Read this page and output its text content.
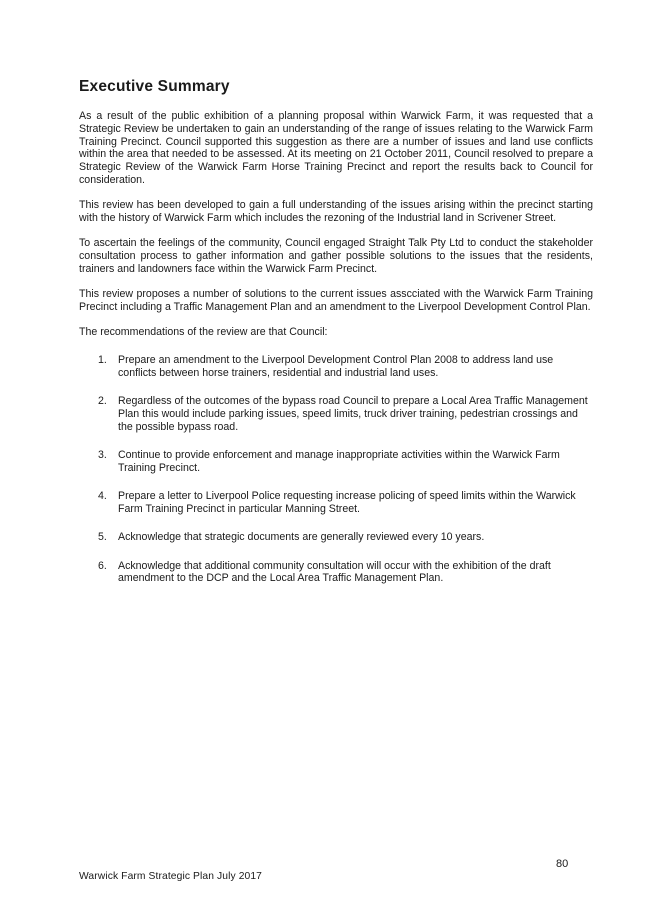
Executive Summary

As a result of the public exhibition of a planning proposal within Warwick Farm, it was requested that a Strategic Review be undertaken to gain an understanding of the range of issues relating to the Warwick Farm Training Precinct. Council supported this suggestion as there are a number of issues and land use conflicts within the area that needed to be assessed. At its meeting on 21 October 2011, Council resolved to prepare a Strategic Review of the Warwick Farm Horse Training Precinct and report the results back to Council for consideration.

This review has been developed to gain a full understanding of the issues arising within the precinct starting with the history of Warwick Farm which includes the rezoning of the Industrial land in Scrivener Street.

To ascertain the feelings of the community, Council engaged Straight Talk Pty Ltd to conduct the stakeholder consultation process to gather information and gather possible solutions to the issues that the residents, trainers and landowners face within the Warwick Farm Precinct.

This review proposes a number of solutions to the current issues asscciated with the Warwick Farm Training Precinct including a Traffic Management Plan and an amendment to the Liverpool Development Control Plan.

The recommendations of the review are that Council:

1. Prepare an amendment to the Liverpool Development Control Plan 2008 to address land use conflicts between horse trainers, residential and industrial land uses.
2. Regardless of the outcomes of the bypass road Council to prepare a Local Area Traffic Management Plan this would include parking issues, speed limits, truck driver training, pedestrian crossings and the possible bypass road.
3. Continue to provide enforcement and manage inappropriate activities within the Warwick Farm Training Precinct.
4. Prepare a letter to Liverpool Police requesting increase policing of speed limits within the Warwick Farm Training Precinct in particular Manning Street.
5. Acknowledge that strategic documents are generally reviewed every 10 years.
6. Acknowledge that additional community consultation will occur with the exhibition of the draft amendment to the DCP and the Local Area Traffic Management Plan.
80
Warwick Farm Strategic Plan July 2017
